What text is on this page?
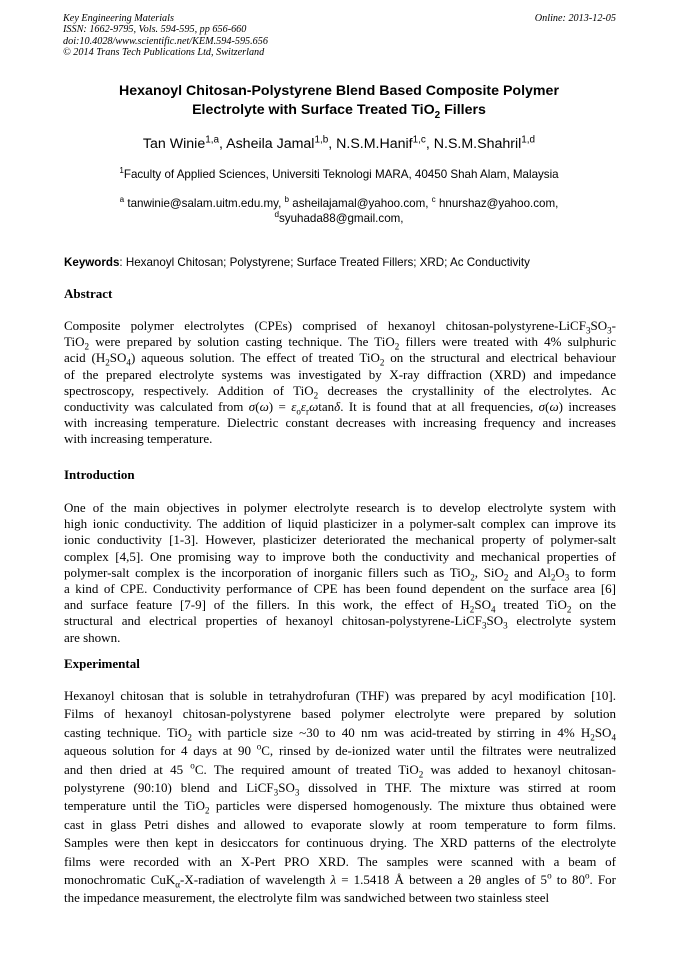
Key Engineering Materials
ISSN: 1662-9795, Vols. 594-595, pp 656-660
doi:10.4028/www.scientific.net/KEM.594-595.656
© 2014 Trans Tech Publications Ltd, Switzerland
Online: 2013-12-05
Hexanoyl Chitosan-Polystyrene Blend Based Composite Polymer
Electrolyte with Surface Treated TiO$_2$ Fillers
Tan Winie$^{1,a}$, Asheila Jamal$^{1,b}$, N.S.M.Hanif$^{1,c}$, N.S.M.Shahril$^{1,d}$
$^1$Faculty of Applied Sciences, Universiti Teknologi MARA, 40450 Shah Alam, Malaysia
$^a$ tanwinie@salam.uitm.edu.my, $^b$ asheilajamal@yahoo.com, $^c$ hnurshaz@yahoo.com,
$^d$syuhada88@gmail.com,
Keywords: Hexanoyl Chitosan; Polystyrene; Surface Treated Fillers; XRD; Ac Conductivity
Abstract
Composite polymer electrolytes (CPEs) comprised of hexanoyl chitosan-$polystyrene-LiCF_3SO_3-$
TiO$_2$ were prepared by solution casting technique. The TiO$_2$ fillers were treated with 4% sulphuric
acid $(H_2SO_4)$ aqueous solution. The effect of treated TiO$_2$ on the structural and electrical behaviour
of the prepared electrolyte systems was investigated by X-ray diffraction (XRD) and impedance
spectroscopy, respectively. Addition of TiO$_2$ decreases the crystallinity of the electrolytes. Ac
conductivity was calculated from $\sigma(\omega) = \varepsilon_o\varepsilon_r\omega\tan\delta$. It is found that at all frequencies, σ(ω) increases
with increasing temperature. Dielectric constant decreases with increasing frequency and increases
with increasing temperature.
Introduction
One of the main objectives in polymer electrolyte research is to develop electrolyte system with
high ionic conductivity. The addition of liquid plasticizer in a polymer-salt complex can improve its
ionic conductivity [1-3]. However, plasticizer deteriorated the mechanical property of polymer-salt
complex [4,5]. One promising way to improve both the conductivity and mechanical properties of
polymer-salt complex is the incorporation of inorganic fillers such as TiO$_2$, SiO$_2$ and $Al_2O_3$ to form
a kind of CPE. Conductivity performance of CPE has been found dependent on the surface area [6]
and surface feature [7-9] of the fillers. In this work, the effect of $H_2SO_4$ treated TiO$_2$ on the
structural and electrical properties of hexanoyl chitosan-$polystyrene-LiCF_3SO_3$ electrolyte system
are shown.
Experimental
Hexanoyl chitosan that is soluble in tetrahydrofuran (THF) was prepared by acyl modification [10].
Films of hexanoyl chitosan-polystyrene based polymer electrolyte were prepared by solution
casting technique. TiO$_2$ with particle size ~30 to 40 nm was acid-treated by stirring in 4% $H_2SO_4$
aqueous solution for 4 days at 90 $^o$C, rinsed by de-ionized water until the filtrates were neutralized
and then dried at 45 $^o$C. The required amount of treated TiO$_2$ was added to hexanoyl chitosan-
polystyrene (90:10) blend and $LiCF_3SO_3$ dissolved in THF. The mixture was stirred at room
temperature until the TiO$_2$ particles were dispersed homogenously. The mixture thus obtained were
cast in glass Petri dishes and allowed to evaporate slowly at room temperature to form films.
Samples were then kept in desiccators for continuous drying. The XRD patterns of the electrolyte
films were recorded with an X-Pert PRO XRD. The samples were scanned with a beam of
monochromatic CuK$_\alpha$-X-radiation of wavelength λ = 1.5418 Å between a 2θ angles of 5$^o$ to 80$^o$. For
the impedance measurement, the electrolyte film was sandwiched between two stainless steel
